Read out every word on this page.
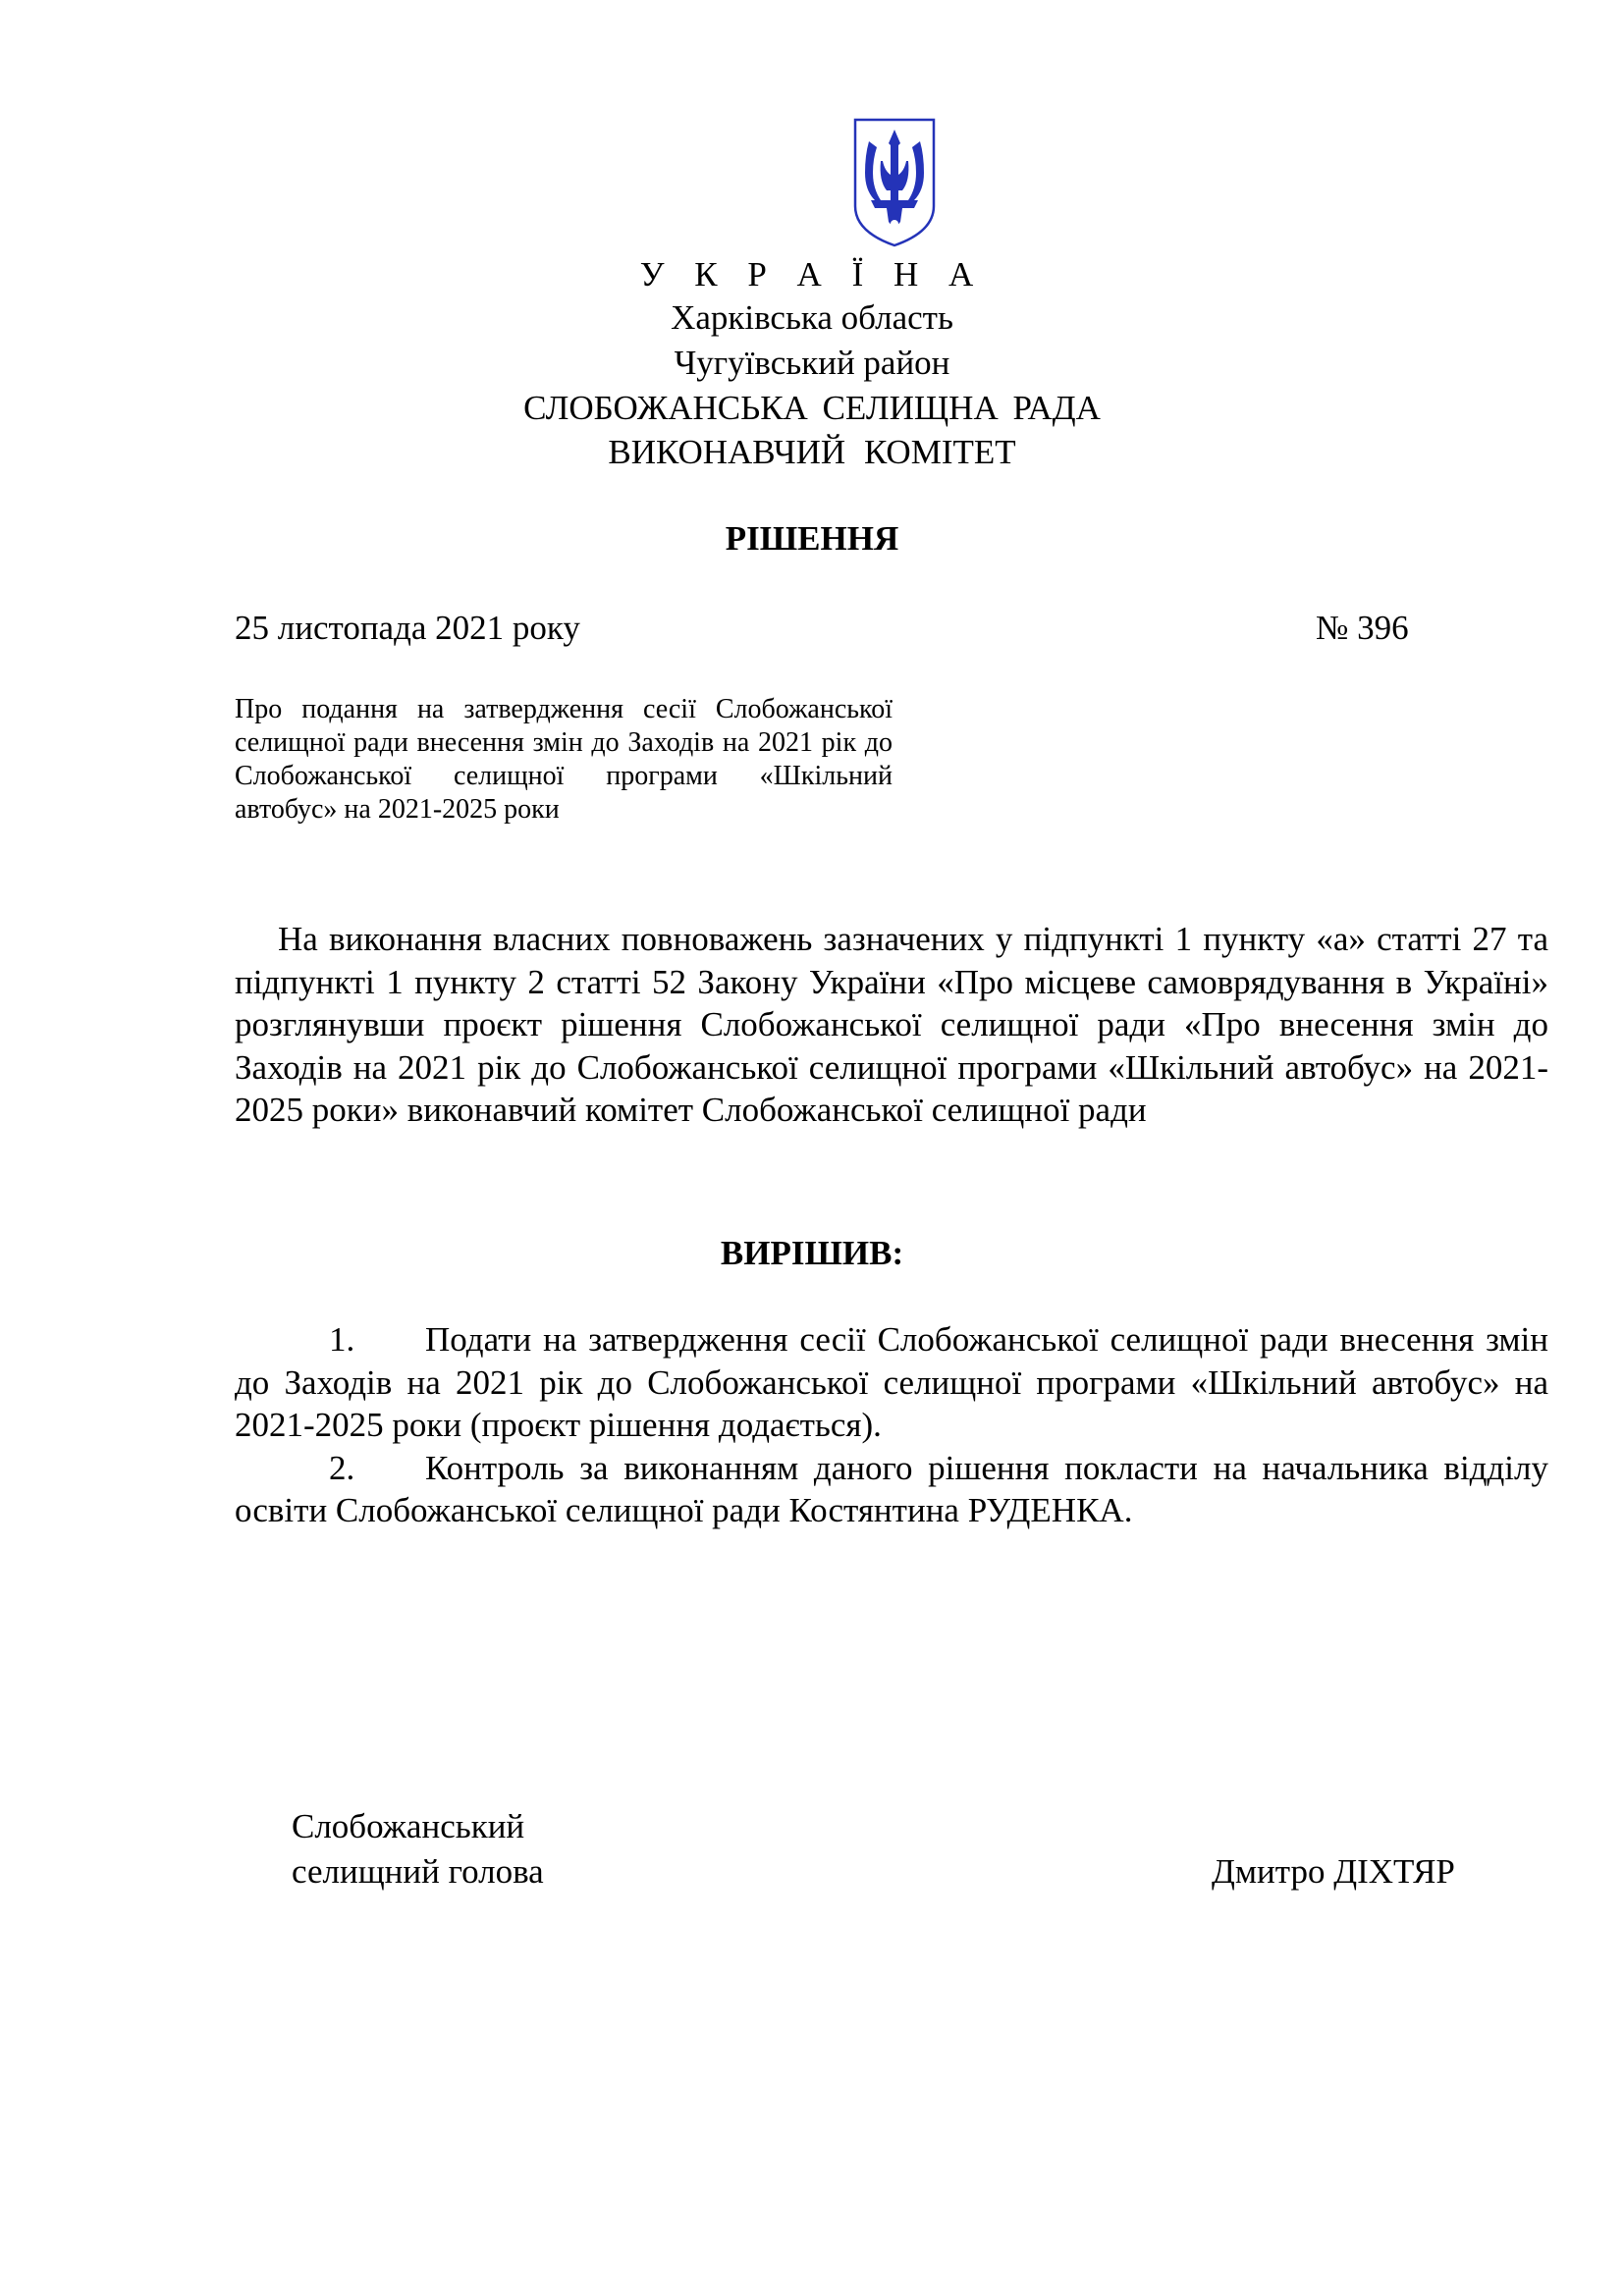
У К Р А Ї Н А
Харківська область
Чугуївський район
СЛОБОЖАНСЬКА СЕЛИЩНА РАДА
ВИКОНАВЧИЙ КОМІТЕТ
РІШЕННЯ
25 листопада 2021 року	№ 396
Про подання на затвердження сесії Слобожанської селищної ради внесення змін до Заходів на 2021 рік до Слобожанської селищної програми «Шкільний автобус» на 2021-2025 роки
На виконання власних повноважень зазначених у підпункті 1 пункту «а» статті 27 та підпункті 1 пункту 2 статті 52 Закону України «Про місцеве самоврядування в Україні» розглянувши проєкт рішення Слобожанської селищної ради «Про внесення змін до Заходів на 2021 рік до Слобожанської селищної програми «Шкільний автобус» на 2021-2025 роки» виконавчий комітет Слобожанської селищної ради
ВИРІШИВ:

1. Подати на затвердження сесії Слобожанської селищної ради внесення змін до Заходів на 2021 рік до Слобожанської селищної програми «Шкільний автобус» на 2021-2025 роки (проєкт рішення додається).

2. Контроль за виконанням даного рішення покласти на начальника відділу освіти Слобожанської селищної ради Костянтина РУДЕНКА.

Слобожанський
селищний голова	Дмитро ДІХТЯР
